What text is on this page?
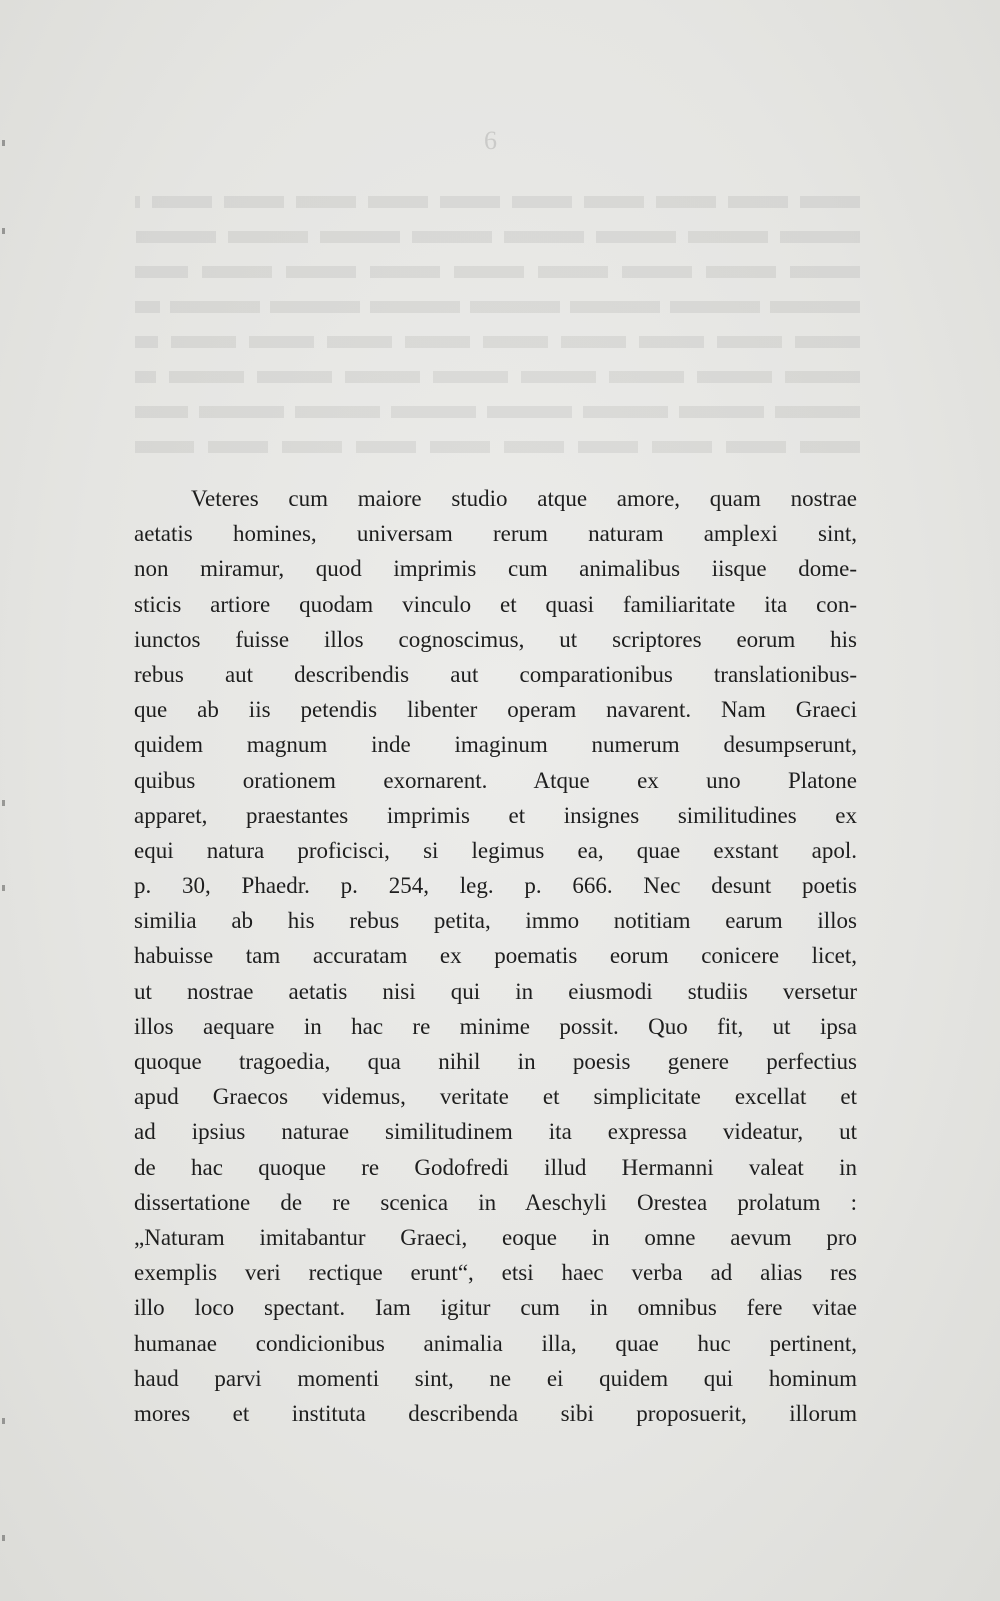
6
Veteres cum maiore studio atque amore, quam nostrae
aetatis homines, universam rerum naturam amplexi sint,
non miramur, quod imprimis cum animalibus iisque dome-
sticis artiore quodam vinculo et quasi familiaritate ita con-
iunctos fuisse illos cognoscimus, ut scriptores eorum his
rebus aut describendis aut comparationibus translationibus-
que ab iis petendis libenter operam navarent. Nam Graeci
quidem magnum inde imaginum numerum desumpserunt,
quibus orationem exornarent. Atque ex uno Platone
apparet, praestantes imprimis et insignes similitudines ex
equi natura proficisci, si legimus ea, quae exstant apol.
p. 30, Phaedr. p. 254, leg. p. 666. Nec desunt poetis
similia ab his rebus petita, immo notitiam earum illos
habuisse tam accuratam ex poematis eorum conicere licet,
ut nostrae aetatis nisi qui in eiusmodi studiis versetur
illos aequare in hac re minime possit. Quo fit, ut ipsa
quoque tragoedia, qua nihil in poesis genere perfectius
apud Graecos videmus, veritate et simplicitate excellat et
ad ipsius naturae similitudinem ita expressa videatur, ut
de hac quoque re Godofredi illud Hermanni valeat in
dissertatione de re scenica in Aeschyli Orestea prolatum :
„Naturam imitabantur Graeci, eoque in omne aevum pro
exemplis veri rectique erunt“, etsi haec verba ad alias res
illo loco spectant. Iam igitur cum in omnibus fere vitae
humanae condicionibus animalia illa, quae huc pertinent,
haud parvi momenti sint, ne ei quidem qui hominum
mores et instituta describenda sibi proposuerit, illorum
